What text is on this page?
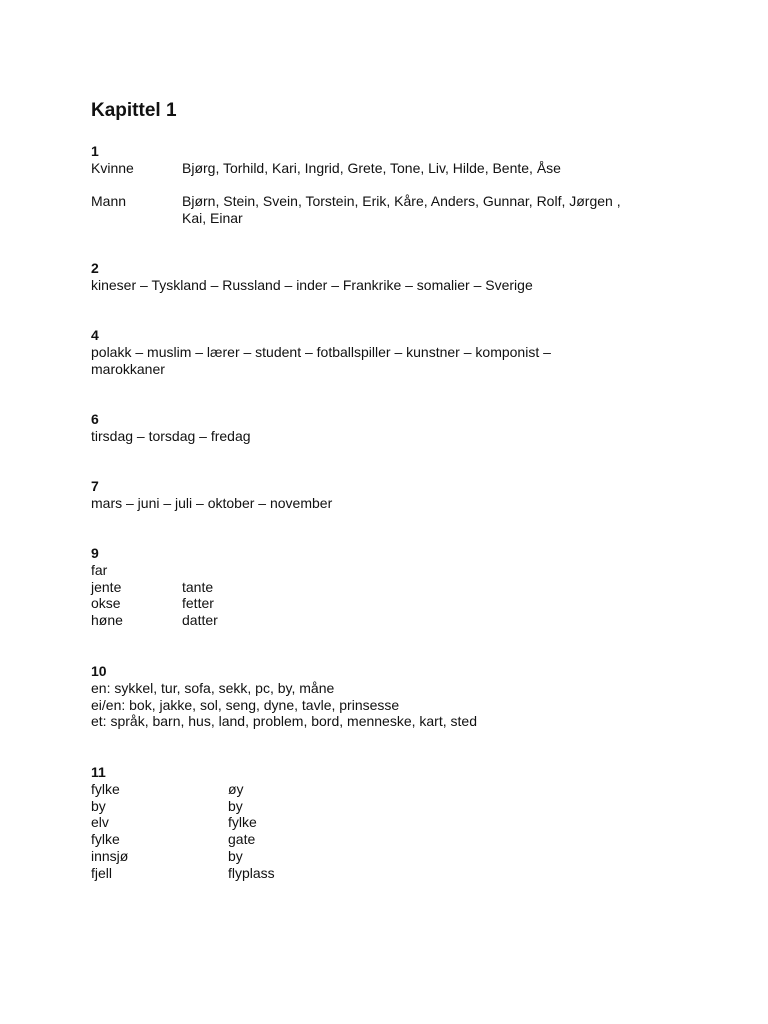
Kapittel 1
1
Kvinne	Bjørg, Torhild, Kari, Ingrid, Grete, Tone, Liv, Hilde, Bente, Åse
Mann	Bjørn, Stein, Svein, Torstein, Erik, Kåre, Anders, Gunnar, Rolf, Jørgen , Kai, Einar
2
kineser – Tyskland – Russland – inder – Frankrike – somalier – Sverige
4
polakk – muslim – lærer – student – fotballspiller – kunstner – komponist – marokkaner
6
tirsdag – torsdag – fredag
7
mars – juni – juli – oktober – november
9
far
jente	tante
okse	fetter
høne	datter
10
en: sykkel, tur, sofa, sekk, pc, by, måne
ei/en: bok, jakke, sol, seng, dyne, tavle, prinsesse
et: språk, barn, hus, land, problem, bord, menneske, kart, sted
11
fylke	øy
by	by
elv	fylke
fylke	gate
innsjø	by
fjell	flyplass
